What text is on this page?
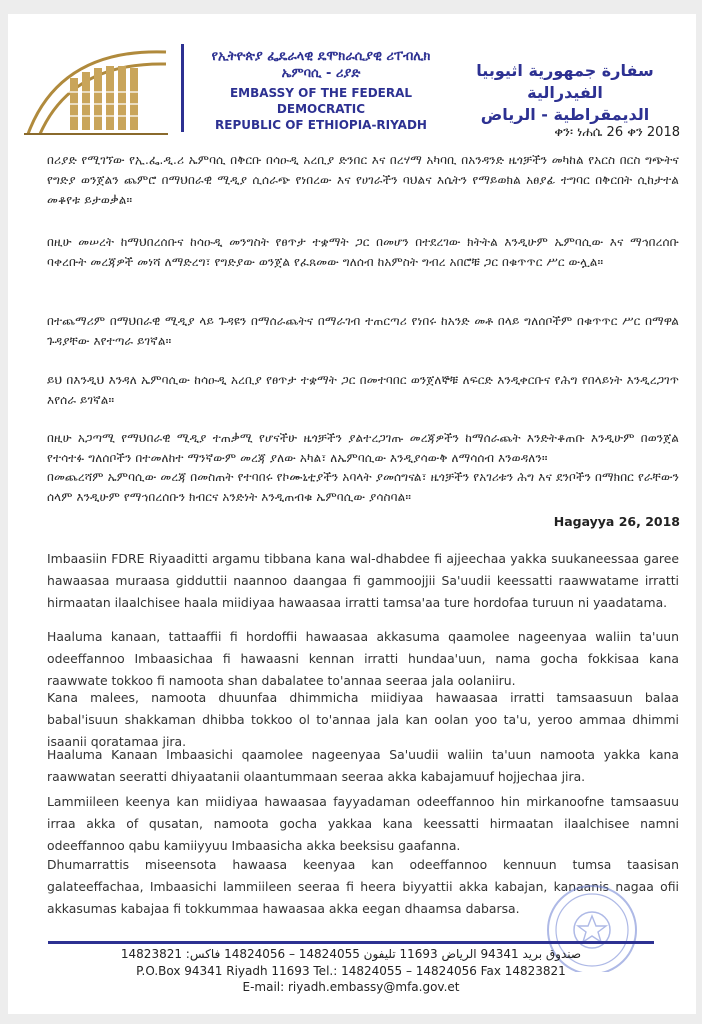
የኢትዮጵያ ፌዴራላዊ ዴሞክራሲያዊ ሪፐብሊክ
ኤምባሲ - ሪያድ
EMBASSY OF THE FEDERAL DEMOCRATIC
REPUBLIC OF ETHIOPIA-RIYADH
سفارة جمهورية اثيوبيا الفيدرالية
الديمقراطية - الرياض
ቀን፡ ነሐሴ 26 ቀን 2018
በሪያድ የሚገኘው የኢ.ፌ.ዲ.ሪ ኤምባሲ በቅርቡ በሳዑዲ አረቢያ ድንበር እና በረሃማ አካባቢ በአንዳንድ ዜጎቻችን መካከል የአርስ በርስ ግጭትና የግድያ ወንጀልን ጨምሮ በማህበራዊ ሚዲያ ሲሰራጭ የነበረው እና የሀገራችን ባህልና እሴትን የማይወክል አፀያፊ ተግባር በቅርበት ሲከታተል መቆየቱ ይታወቃል።
በዚሁ መሠረት ከማህበረሰቡና ከሳዑዲ መንግስት የፀጥታ ተቋማት ጋር በመሆን በተደረገው ክትትል እንዲሁም ኤምባሲው እና ማኅበረሰቡ ባቀረቡት መረጃዎች መነሻ ለማድረግ፣ የግድያው ወንጀል የፈጸመው ግለሰብ ከአምስት ግብረ አበሮቹ ጋር በቁጥጥር ሥር ውሏል።
በተጨማሪም በማህበራዊ ሚዲያ ላይ ጉዳዩን በማሰራጨትና በማራገብ ተጠርጣሪ የነበሩ ከአንድ መቶ በላይ ግለሰቦችም በቁጥጥር ሥር በማዋል ጉዳያቸው እየተጣራ ይገኛል።
ይህ በእንዲህ እንዳለ ኤምባሲው ከሳዑዲ አረቢያ የፀጥታ ተቋማት ጋር በመተባበር ወንጀለኞቹ ለፍርድ እንዲቀርቡና የሕግ የበላይነት እንዲረጋገጥ እየሰራ ይገኛል።
በዚሁ አጋጣሚ የማህበራዊ ሚዲያ ተጠቃሚ የሆናችሁ ዜጎቻችን ያልተረጋገጡ መረጃዎችን ከማሰራጨት እንድትቆጠቡ እንዲሁም በወንጀል የተሳተፉ ግለሰቦችን በተመለከተ ማንኛውም መረጃ ያለው አካል፣ ለኤምባሲው እንዲያሳውቅ ለማሳሰብ እንወዳለን።
በመጨረሻም ኤምባሲው መረጃ በመስጠት የተባበሩ የኮሙኒቲያችን አባላት ያመሰግናል፣ ዜጎቻችን የአገሪቱን ሕግ እና ደንቦችን በማክበር የራቸውን ሰላም እንዲሁም የማኅበረሰቡን ክብርና አንድነት እንዲጠብቁ ኤምባሲው ያሳስባል።
Hagayya 26, 2018
Imbaasiin FDRE Riyaaditti argamu tibbana kana wal-dhabdee fi ajjeechaa yakka suukaneessaa garee hawaasaa muraasa gidduttii naannoo daangaa fi gammoojjii Sa'uudii keessatti raawwatame irratti hirmaatan ilaalchisee haala miidiyaa hawaasaa irratti tamsa'aa ture hordofaa turuun ni yaadatama.
Haaluma kanaan, tattaaffii fi hordoffii hawaasaa akkasuma qaamolee nageenyaa waliin ta'uun odeeffannoo Imbaasichaa fi hawaasni kennan irratti hundaa'uun, nama gocha fokkisaa kana raawwate tokkoo fi namoota shan dabalatee to'annaa seeraa jala oolaniiru.
Kana malees, namoota dhuunfaa dhimmicha miidiyaa hawaasaa irratti tamsaasuun balaa babal'isuun shakkaman dhibba tokkoo ol to'annaa jala kan oolan yoo ta'u, yeroo ammaa dhimmi isaanii qoratamaa jira.
Haaluma Kanaan Imbaasichi qaamolee nageenyaa Sa'uudii waliin ta'uun namoota yakka kana raawwatan seeratti dhiyaatanii olaantummaan seeraa akka kabajamuuf hojjechaa jira.
Lammiileen keenya kan miidiyaa hawaasaa fayyadaman odeeffannoo hin mirkanoofne tamsaasuu irraa akka of qusatan, namoota gocha yakkaa kana keessatti hirmaatan ilaalchisee namni odeeffannoo qabu kamiiyyuu Imbaasicha akka beeksisu gaafanna.
Dhumarrattis miseensota hawaasa keenyaa kan odeeffannoo kennuun tumsa taasisan galateeffachaa, Imbaasichi lammiileen seeraa fi heera biyyattii akka kabajan, kanaanis nagaa ofii akkasumas kabajaa fi tokkummaa hawaasaa akka eegan dhaamsa dabarsa.
صندوق بريد 94341 الرياض 11693 تليفون 14824055 – 14824056 فاكس: 14823821
P.O.Box 94341 Riyadh 11693 Tel.: 14824055 – 14824056 Fax 14823821
E-mail: riyadh.embassy@mfa.gov.et
